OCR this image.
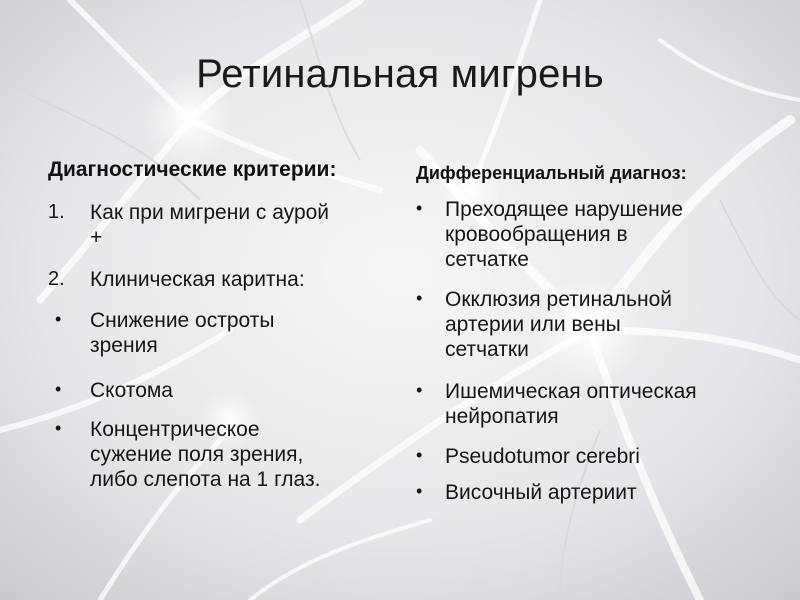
Ретинальная мигрень
Диагностические критерии:
1. Как при мигрени с аурой
+
2. Клиническая каритна:
• Снижение остроты
зрения
• Скотома
• Концентрическое
сужение поля зрения,
либо слепота на 1 глаз.
Дифференциальный диагноз:
• Преходящее нарушение
кровообращения в
сетчатке
• Окклюзия ретинальной
артерии или вены
сетчатки
• Ишемическая оптическая
нейропатия
• Pseudotumor cerebri
• Височный артериит
